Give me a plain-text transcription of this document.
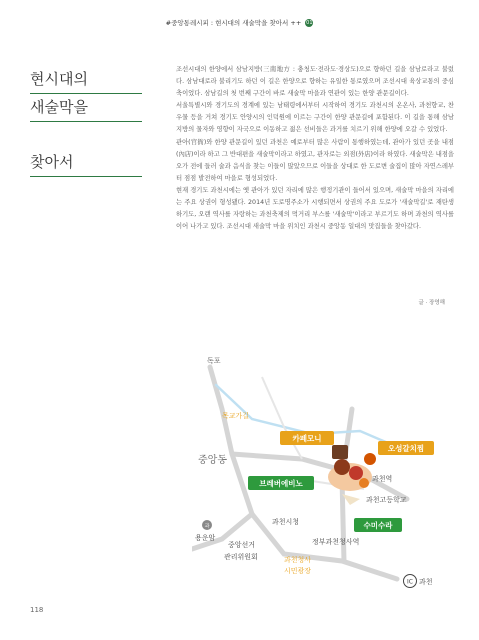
#중앙통레시피 : 현시대의 새술막을 찾아서 ++ 01
현시대의
새술막을
찾아서

조선시대의 한양에서 삼남지방(三南地方 : 충청도·전라도·경상도)으로 향하던 길을 삼남로라고 불렀다. 삼남대로라 불리기도 하던 이 길은 한양으로 향하는 유일한 통로였으며 조선시대 육상교통의 중심축이었다. 삼남길의 첫 번째 구간이 바로 새술막 마을과 연관이 있는 한양 관문길이다.

서울특별시와 경기도의 경계에 있는 남태령에서부터 시작하여 경기도 과천시의 온온사, 과천향교, 찬 우물 등을 거쳐 경기도 안양시의 인덕원에 이르는 구간이 한양 관문길에 포함된다. 이 길을 통해 삼남지방의 물자와 영향이 자국으로 이동하고 젊은 선비들은 과거를 치르기 위해 한양에 오갈 수 있었다.

관아(官衙)와 한양 관문길이 있던 과천은 예로부터 많은 사람이 통행하였는데, 관아가 있던 곳을 내점(內店)이라 하고 그 반대편을 새술막이라고 하였고, 관자로는 외점(外店)이라 하였다. 새술막은 내점을 오가 전에 들러 술과 음식을 찾는 이들이 많았으므로 이들을 상대로 한 도로변 술집이 많아 자연스레부터 점점 발전하여 마을로 형성되었다.

현재 경기도 과천시에는 옛 관아가 있던 자리에 많은 행정기관이 들어서 있으며, 새술막 마을의 자리에는 주요 상권이 형성됐다. 2014년 도로명주소가 시행되면서 상권의 주요 도로가 '새술막길'로 재탄생하기도, 오랜 역사를 자랑하는 과천축제의 먹거리 부스를 '새술막'이라고 부르기도 하며 과천의 역사를 이어 나가고 있다. 조선시대 새술막 마을 위치인 과천시 중앙동 일대의 맛집들을 찾아갔다.

글 · 장영해
독포
목교가길
중앙동
카페모니
오성갈치찜
브레버에비노
수미수라
과천역
과천고등학교
과천시청
정부과천청사역
과
용운암
중앙선거
관리위원회	과천청사
시민광장
IC 과천
118
